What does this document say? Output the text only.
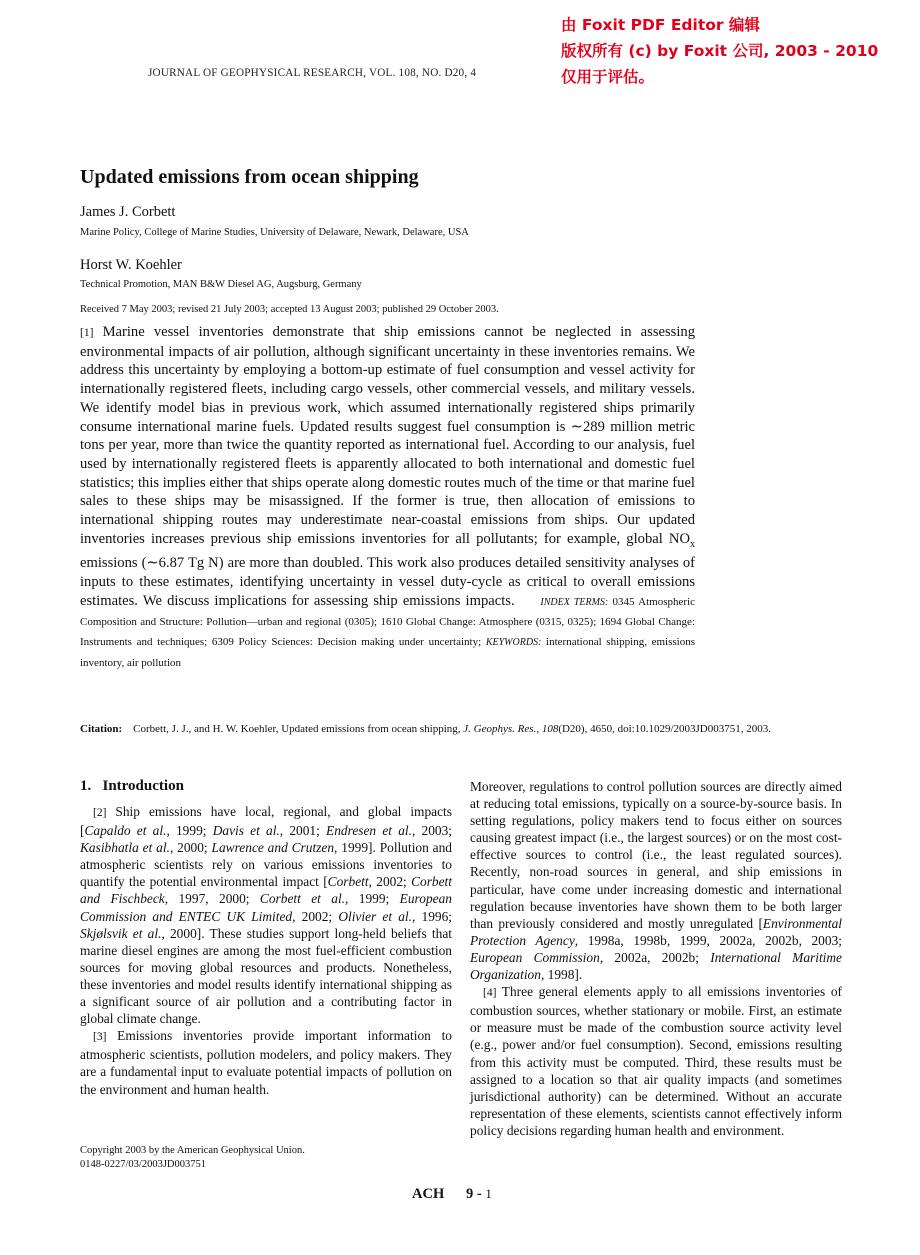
JOURNAL OF GEOPHYSICAL RESEARCH, VOL. 108, NO. D20, 4
由 Foxit PDF Editor 编辑
版权所有 (c) by Foxit 公司, 2003 - 2010
仅用于评估。
Updated emissions from ocean shipping
James J. Corbett
Marine Policy, College of Marine Studies, University of Delaware, Newark, Delaware, USA
Horst W. Koehler
Technical Promotion, MAN B&W Diesel AG, Augsburg, Germany
Received 7 May 2003; revised 21 July 2003; accepted 13 August 2003; published 29 October 2003.
[1] Marine vessel inventories demonstrate that ship emissions cannot be neglected in assessing environmental impacts of air pollution, although significant uncertainty in these inventories remains. We address this uncertainty by employing a bottom-up estimate of fuel consumption and vessel activity for internationally registered fleets, including cargo vessels, other commercial vessels, and military vessels. We identify model bias in previous work, which assumed internationally registered ships primarily consume international marine fuels. Updated results suggest fuel consumption is ∼289 million metric tons per year, more than twice the quantity reported as international fuel. According to our analysis, fuel used by internationally registered fleets is apparently allocated to both international and domestic fuel statistics; this implies either that ships operate along domestic routes much of the time or that marine fuel sales to these ships may be misassigned. If the former is true, then allocation of emissions to international shipping routes may underestimate near-coastal emissions from ships. Our updated inventories increases previous ship emissions inventories for all pollutants; for example, global $NO_x$ emissions (∼6.87 Tg N) are more than doubled. This work also produces detailed sensitivity analyses of inputs to these estimates, identifying uncertainty in vessel duty-cycle as critical to overall emissions estimates. We discuss implications for assessing ship emissions impacts.	INDEX TERMS: 0345 Atmospheric Composition and Structure: Pollution—urban and regional (0305); 1610 Global Change: Atmosphere (0315, 0325); 1694 Global Change: Instruments and techniques; 6309 Policy Sciences: Decision making under uncertainty; KEYWORDS: international shipping, emissions inventory, air pollution
Citation: Corbett, J. J., and H. W. Koehler, Updated emissions from ocean shipping, J. Geophys. Res., 108(D20), 4650, doi:10.1029/2003JD003751, 2003.
1. Introduction

[2] Ship emissions have local, regional, and global impacts [Capaldo et al., 1999; Davis et al., 2001; Endresen et al., 2003; Kasibhatla et al., 2000; Lawrence and Crutzen, 1999]. Pollution and atmospheric scientists rely on various emissions inventories to quantify the potential environmental impact [Corbett, 2002; Corbett and Fischbeck, 1997, 2000; Corbett et al., 1999; European Commission and ENTEC UK Limited, 2002; Olivier et al., 1996; Skjølsvik et al., 2000]. These studies support long-held beliefs that marine diesel engines are among the most fuel-efficient combustion sources for moving global resources and products. Nonetheless, these inventories and model results identify international shipping as a significant source of air pollution and a contributing factor in global climate change.

[3] Emissions inventories provide important information to atmospheric scientists, pollution modelers, and policy makers. They are a fundamental input to evaluate potential impacts of pollution on the environment and human health.

Moreover, regulations to control pollution sources are directly aimed at reducing total emissions, typically on a source-by-source basis. In setting regulations, policy makers tend to focus either on sources causing greatest impact (i.e., the largest sources) or on the most cost-effective sources to control (i.e., the least regulated sources). Recently, non-road sources in general, and ship emissions in particular, have come under increasing domestic and international regulation because inventories have shown them to be both larger than previously considered and mostly unregulated [Environmental Protection Agency, 1998a, 1998b, 1999, 2002a, 2002b, 2003; European Commission, 2002a, 2002b; International Maritime Organization, 1998].

[4] Three general elements apply to all emissions inventories of combustion sources, whether stationary or mobile. First, an estimate or measure must be made of the combustion source activity level (e.g., power and/or fuel consumption). Second, emissions resulting from this activity must be computed. Third, these results must be assigned to a location so that air quality impacts (and sometimes jurisdictional authority) can be determined. Without an accurate representation of these elements, scientists cannot effectively inform policy decisions regarding human health and environment.

Copyright 2003 by the American Geophysical Union.
0148-0227/03/2003JD003751
ACH 9 - 1
